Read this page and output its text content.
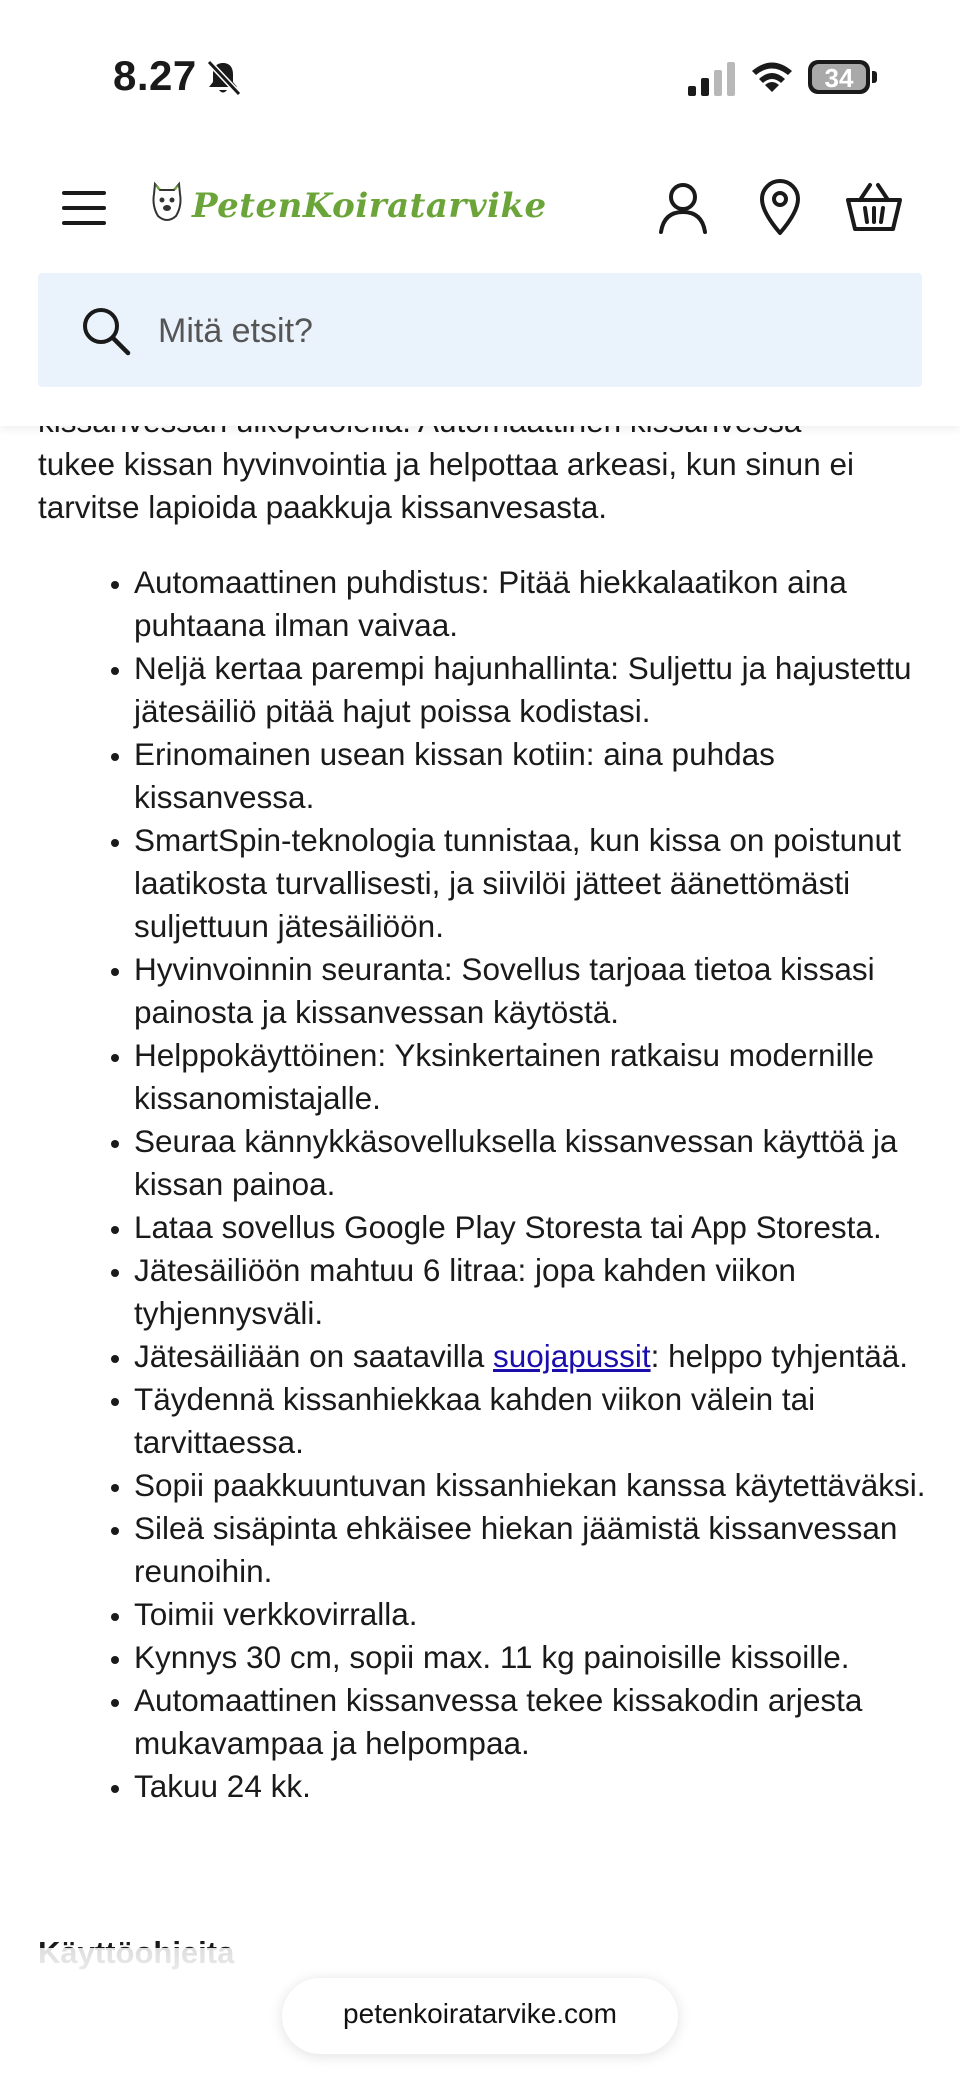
8.27	34
PetenKoiratarvike
Mitä etsit?

tukee kissan hyvinvointia ja helpottaa arkeasi, kun sinun ei
tarvitse lapioida paakkuja kissanvesasta.

• Automaattinen puhdistus: Pitää hiekkalaatikon aina puhtaana ilman vaivaa.
• Neljä kertaa parempi hajunhallinta: Suljettu ja hajustettu jätesäiliö pitää hajut poissa kodistasi.
• Erinomainen usean kissan kotiin: aina puhdas kissanvessa.
• SmartSpin-teknologia tunnistaa, kun kissa on poistunut laatikosta turvallisesti, ja siivilöi jätteet äänettömästi suljettuun jätesäiliöön.
• Hyvinvoinnin seuranta: Sovellus tarjoaa tietoa kissasi painosta ja kissanvessan käytöstä.
• Helppokäyttöinen: Yksinkertainen ratkaisu modernille kissanomistajalle.
• Seuraa kännykkäsovelluksella kissanvessan käyttöä ja kissan painoa.
• Lataa sovellus Google Play Storesta tai App Storesta.
• Jätesäiliöön mahtuu 6 litraa: jopa kahden viikon tyhjennysväli.
• Jätesäiliään on saatavilla suojapussit: helppo tyhjentää.
• Täydennä kissanhiekkaa kahden viikon välein tai tarvittaessa.
• Sopii paakkuuntuvan kissanhiekan kanssa käytettäväksi.
• Sileä sisäpinta ehkäisee hiekan jäämistä kissanvessan reunoihin.
• Toimii verkkovirralla.
• Kynnys 30 cm, sopii max. 11 kg painoisille kissoille.
• Automaattinen kissanvessa tekee kissakodin arjesta mukavampaa ja helpompaa.
• Takuu 24 kk.
petenkoiratarvike.com
